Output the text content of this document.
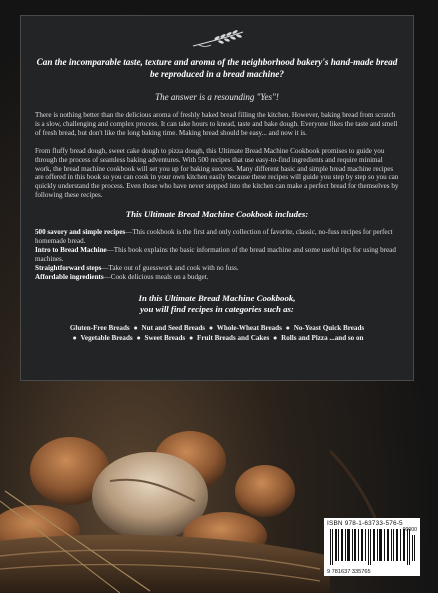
Can the incomparable taste, texture and aroma of the neighborhood bakery's hand-made bread be reproduced in a bread machine?

The answer is a resounding "Yes"!

There is nothing better than the delicious aroma of freshly baked bread filling the kitchen. However, baking bread from scratch is a slow, challenging and complex process. It can take hours to knead, taste and bake dough. Everyone likes the taste and smell of fresh bread, but don't like the long baking time. Making bread should be easy... and now it is.

From fluffy bread dough, sweet cake dough to pizza dough, this Ultimate Bread Machine Cookbook promises to guide you through the process of seamless baking adventures. With 500 recipes that use easy-to-find ingredients and require minimal work, the bread machine cookbook will set you up for baking success. Many different basic and simple bread machine recipes are offered in this book so you can cook in your own kitchen easily because these recipes will guide you step by step so you can quickly understand the process. Even those who have never stepped into the kitchen can make a perfect bread for themselves by following these recipes.

This Ultimate Bread Machine Cookbook includes:

500 savory and simple recipes—This cookbook is the first and only collection of favorite, classic, no-fuss recipes for perfect homemade bread.
Intro to Bread Machine—This book explains the basic information of the bread machine and some useful tips for using bread machines.
Straightforward steps—Take out of guesswork and cook with no fuss.
Affordable ingredients—Cook delicious meals on a budget.
In this Ultimate Bread Machine Cookbook,
you will find recipes in categories such as:
Gluten-Free Breads ● Nut and Seed Breads ● Whole-Wheat Breads ● No-Yeast Quick Breads
● Vegetable Breads ● Sweet Breads ● Fruit Breads and Cakes ● Rolls and Pizza ...and so on
ISBN 978-1-63733-576-5
9 781637 335765
90000
